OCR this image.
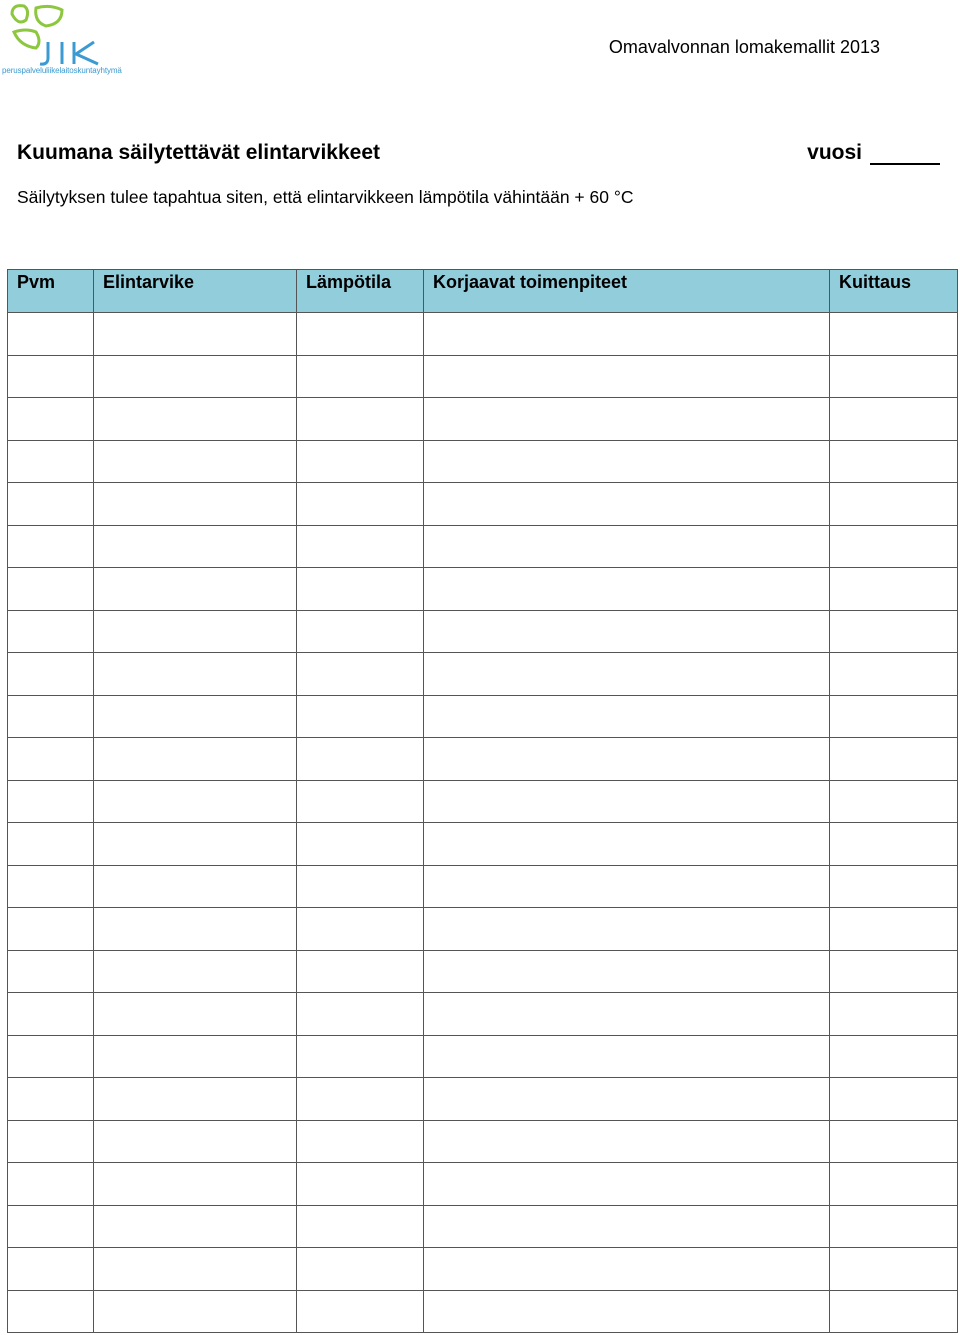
peruspalveluliikelaitoskuntayhtymä
Omavalvonnan lomakemallit 2013
Kuumana säilytettävät elintarvikkeet	vuosi
Säilytyksen tulee tapahtua siten, että elintarvikkeen lämpötila vähintään + 60 °C
Pvm	Elintarvike	Lämpötila	Korjaavat toimenpiteet	Kuittaus
